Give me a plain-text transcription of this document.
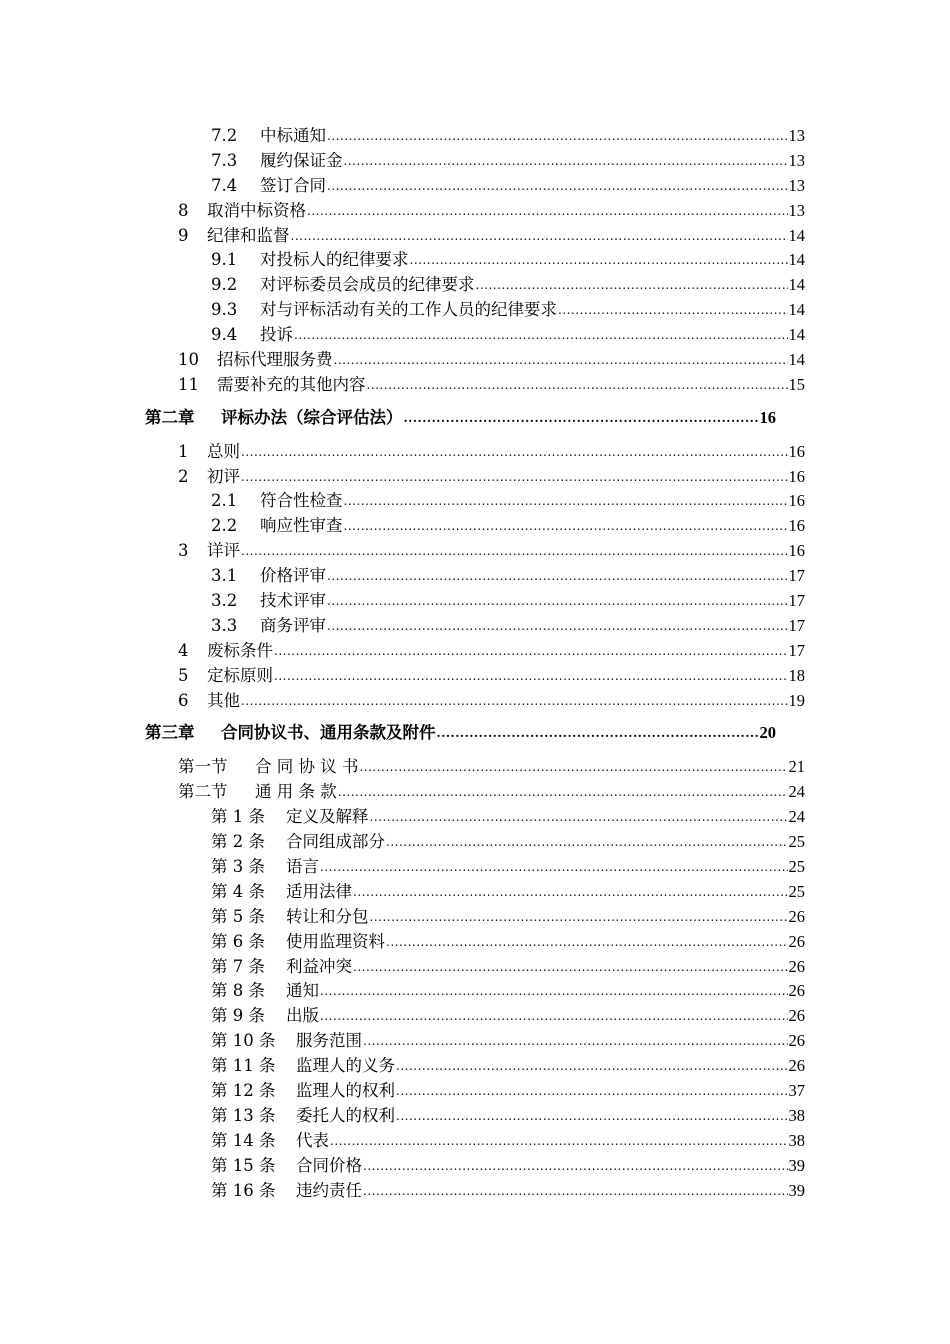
7.2	中标通知 .....	13
7.3	履约保证金 .....	13
7.4	签订合同 .....	13
8	取消中标资格 .....	13
9	纪律和监督 .....	14
9.1	对投标人的纪律要求 .....	14
9.2	对评标委员会成员的纪律要求 .....	14
9.3	对与评标活动有关的工作人员的纪律要求 .....	14
9.4	投诉 .....	14
10	招标代理服务费 .....	14
11	需要补充的其他内容 .....	15
第二章	评标办法（综合评估法） .....	16
1	总则 .....	16
2	初评 .....	16
2.1	符合性检查 .....	16
2.2	响应性审查 .....	16
3	详评 .....	16
3.1	价格评审 .....	17
3.2	技术评审 .....	17
3.3	商务评审 .....	17
4	废标条件 .....	17
5	定标原则 .....	18
6	其他 .....	19
第三章	合同协议书、通用条款及附件 .....	20
第一节	合 同 协 议 书 .....	21
第二节	通 用 条 款 .....	24
第 1 条	定义及解释 .....	24
第 2 条	合同组成部分 .....	25
第 3 条	语言 .....	25
第 4 条	适用法律 .....	25
第 5 条	转让和分包 .....	26
第 6 条	使用监理资料 .....	26
第 7 条	利益冲突 .....	26
第 8 条	通知 .....	26
第 9 条	出版 .....	26
第 10 条	服务范围 .....	26
第 11 条	监理人的义务 .....	26
第 12 条	监理人的权利 .....	37
第 13 条	委托人的权利 .....	38
第 14 条	代表 .....	38
第 15 条	合同价格 .....	39
第 16 条	违约责任 .....	39
